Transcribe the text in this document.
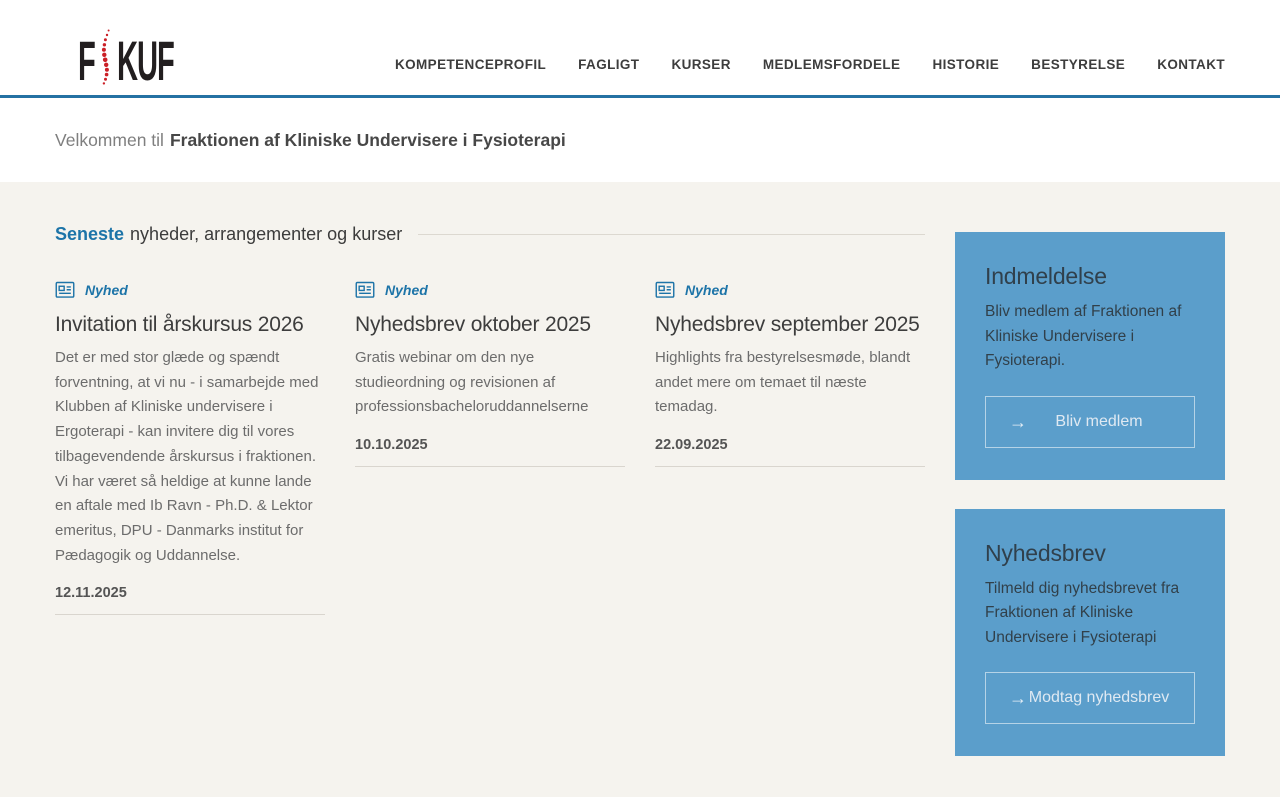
F KUF	KOMPETENCEPROFIL FAGLIGT KURSER MEDLEMSFORDELE HISTORIE BESTYRELSE KONTAKT
Velkommen til Fraktionen af Kliniske Undervisere i Fysioterapi
Seneste nyheder, arrangementer og kurser
Nyhed
Invitation til årskursus 2026
Det er med stor glæde og spændt forventning, at vi nu - i samarbejde med Klubben af Kliniske undervisere i Ergoterapi - kan invitere dig til vores tilbagevendende årskursus i fraktionen. Vi har været så heldige at kunne lande en aftale med Ib Ravn - Ph.D. & Lektor emeritus, DPU - Danmarks institut for Pædagogik og Uddannelse.
12.11.2025
Nyhed
Nyhedsbrev oktober 2025
Gratis webinar om den nye studieordning og revisionen af professionsbacheloruddannelserne
10.10.2025
Nyhed
Nyhedsbrev september 2025
Highlights fra bestyrelsesmøde, blandt andet mere om temaet til næste temadag.
22.09.2025
Indmeldelse
Bliv medlem af Fraktionen af Kliniske Undervisere i Fysioterapi.
→ Bliv medlem
Nyhedsbrev
Tilmeld dig nyhedsbrevet fra Fraktionen af Kliniske Undervisere i Fysioterapi
→ Modtag nyhedsbrev
